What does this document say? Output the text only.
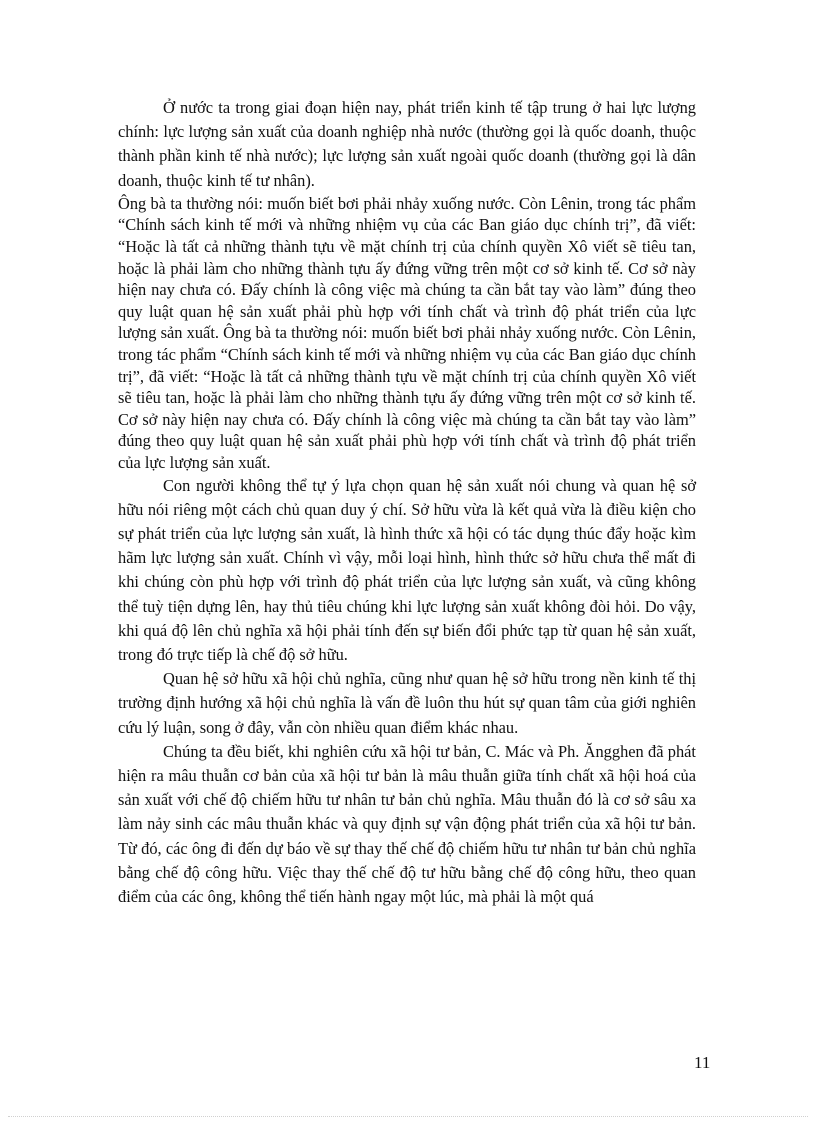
Ở nước ta trong giai đoạn hiện nay, phát triển kinh tế tập trung ở hai lực lượng chính: lực lượng sản xuất của doanh nghiệp nhà nước (thường gọi là quốc doanh, thuộc thành phần kinh tế nhà nước); lực lượng sản xuất ngoài quốc doanh (thường gọi là dân doanh, thuộc kinh tế tư nhân).

Ông bà ta thường nói: muốn biết bơi phải nhảy xuống nước. Còn Lênin, trong tác phẩm “Chính sách kinh tế mới và những nhiệm vụ của các Ban giáo dục chính trị”, đã viết: “Hoặc là tất cả những thành tựu về mặt chính trị của chính quyền Xô viết sẽ tiêu tan, hoặc là phải làm cho những thành tựu ấy đứng vững trên một cơ sở kinh tế. Cơ sở này hiện nay chưa có. Đấy chính là công việc mà chúng ta cần bắt tay vào làm” đúng theo quy luật quan hệ sản xuất phải phù hợp với tính chất và trình độ phát triển của lực lượng sản xuất. Ông bà ta thường nói: muốn biết bơi phải nhảy xuống nước. Còn Lênin, trong tác phẩm “Chính sách kinh tế mới và những nhiệm vụ của các Ban giáo dục chính trị”, đã viết: “Hoặc là tất cả những thành tựu về mặt chính trị của chính quyền Xô viết sẽ tiêu tan, hoặc là phải làm cho những thành tựu ấy đứng vững trên một cơ sở kinh tế. Cơ sở này hiện nay chưa có. Đấy chính là công việc mà chúng ta cần bắt tay vào làm” đúng theo quy luật quan hệ sản xuất phải phù hợp với tính chất và trình độ phát triển của lực lượng sản xuất.

Con người không thể tự ý lựa chọn quan hệ sản xuất nói chung và quan hệ sở hữu nói riêng một cách chủ quan duy ý chí. Sở hữu vừa là kết quả vừa là điều kiện cho sự phát triển của lực lượng sản xuất, là hình thức xã hội có tác dụng thúc đẩy hoặc kìm hãm lực lượng sản xuất. Chính vì vậy, mỗi loại hình, hình thức sở hữu chưa thể mất đi khi chúng còn phù hợp với trình độ phát triển của lực lượng sản xuất, và cũng không thể tuỳ tiện dựng lên, hay thủ tiêu chúng khi lực lượng sản xuất không đòi hỏi. Do vậy, khi quá độ lên chủ nghĩa xã hội phải tính đến sự biến đổi phức tạp từ quan hệ sản xuất, trong đó trực tiếp là chế độ sở hữu.

Quan hệ sở hữu xã hội chủ nghĩa, cũng như quan hệ sở hữu trong nền kinh tế thị trường định hướng xã hội chủ nghĩa là vấn đề luôn thu hút sự quan tâm của giới nghiên cứu lý luận, song ở đây, vẫn còn nhiều quan điểm khác nhau.

Chúng ta đều biết, khi nghiên cứu xã hội tư bản, C. Mác và Ph. Ăngghen đã phát hiện ra mâu thuẫn cơ bản của xã hội tư bản là mâu thuẫn giữa tính chất xã hội hoá của sản xuất với chế độ chiếm hữu tư nhân tư bản chủ nghĩa. Mâu thuẫn đó là cơ sở sâu xa làm nảy sinh các mâu thuẫn khác và quy định sự vận động phát triển của xã hội tư bản. Từ đó, các ông đi đến dự báo về sự thay thế chế độ chiếm hữu tư nhân tư bản chủ nghĩa bằng chế độ công hữu. Việc thay thế chế độ tư hữu bằng chế độ công hữu, theo quan điểm của các ông, không thể tiến hành ngay một lúc, mà phải là một quá

11
